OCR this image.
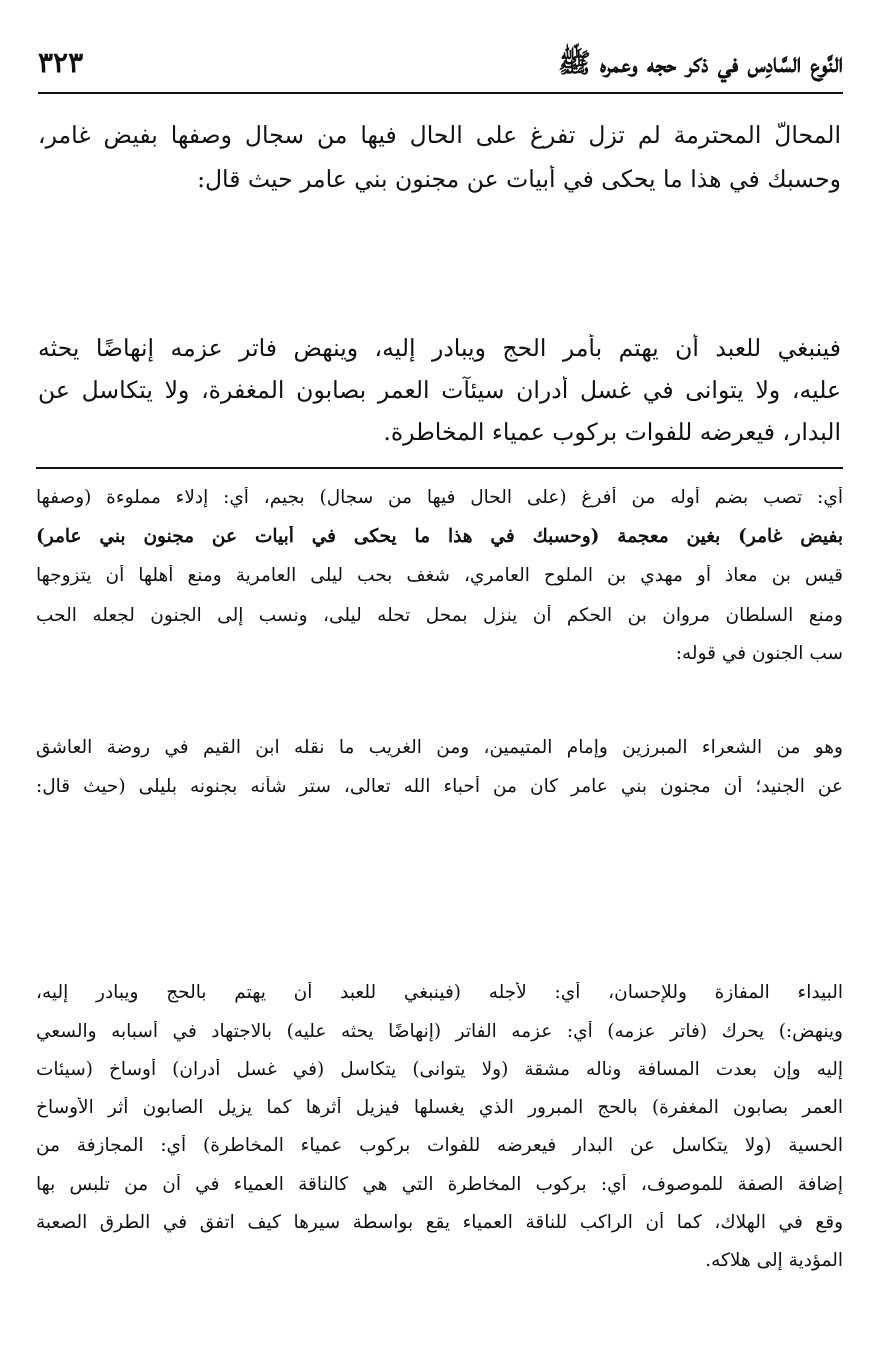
النَّوع السَّادِس في ذكر حجه وعمره ﷺ
٣٢٣
المحالُّ المحترمة لم تزل تفرغ على الحال فيها من سجال وصفها بفيض غامر،
وحسبك في هذا ما يحكى في أبيات عن مجنون بني عامر حيث قال:
فينبغي للعبد أن يهتم بأمر الحج ويبادر إليه، وينهض فاتر عزمه إنهاضًا يحثه
عليه، ولا يتوانى في غسل أدران سيئآت العمر بصابون المغفرة، ولا يتكاسل عن
البدار، فيعرضه للفوات بركوب عمياء المخاطرة.
أي: تصب بضم أوله من أفرغ (على الحال فيها من سجال) بجيم، أي: إدلاء مملوءة (وصفها
بفيض غامر) بغين معجمة (وحسبك في هذا ما يحكى في أبيات عن مجنون بني عامر)
قيس بن معاذ أو مهدي بن الملوح العامري، شغف بحب ليلى العامرية ومنع أهلها أن يتزوجها
ومنع السلطان مروان بن الحكم أن ينزل بمحل تحله ليلى، ونسب إلى الجنون لجعله الحب
سب الجنون في قوله:
وهو من الشعراء المبرزين وإمام المتيمين، ومن الغريب ما نقله ابن القيم في روضة العاشق
عن الجنيد؛ أن مجنون بني عامر كان من أحباء الله تعالى، ستر شأنه بجنونه بليلى (حيث قال:
البيداء المفازة وللإحسان، أي: لأجله (فينبغي للعبد أن يهتم بالحج ويبادر إليه،
وينهض:) يحرك (فاتر عزمه) أي: عزمه الفاتر (إنهاضًا يحثه عليه) بالاجتهاد في أسبابه والسعي
إليه وإن بعدت المسافة وناله مشقة (ولا يتوانى) يتكاسل (في غسل أدران) أوساخ (سيئات
العمر بصابون المغفرة) بالحج المبرور الذي يغسلها فيزيل أثرها كما يزيل الصابون أثر الأوساخ
الحسية (ولا يتكاسل عن البدار فيعرضه للفوات بركوب عمياء المخاطرة) أي: المجازفة من
إضافة الصفة للموصوف، أي: بركوب المخاطرة التي هي كالناقة العمياء في أن من تلبس بها
وقع في الهلاك، كما أن الراكب للناقة العمياء يقع بواسطة سيرها كيف اتفق في الطرق الصعبة
المؤدية إلى هلاكه.
